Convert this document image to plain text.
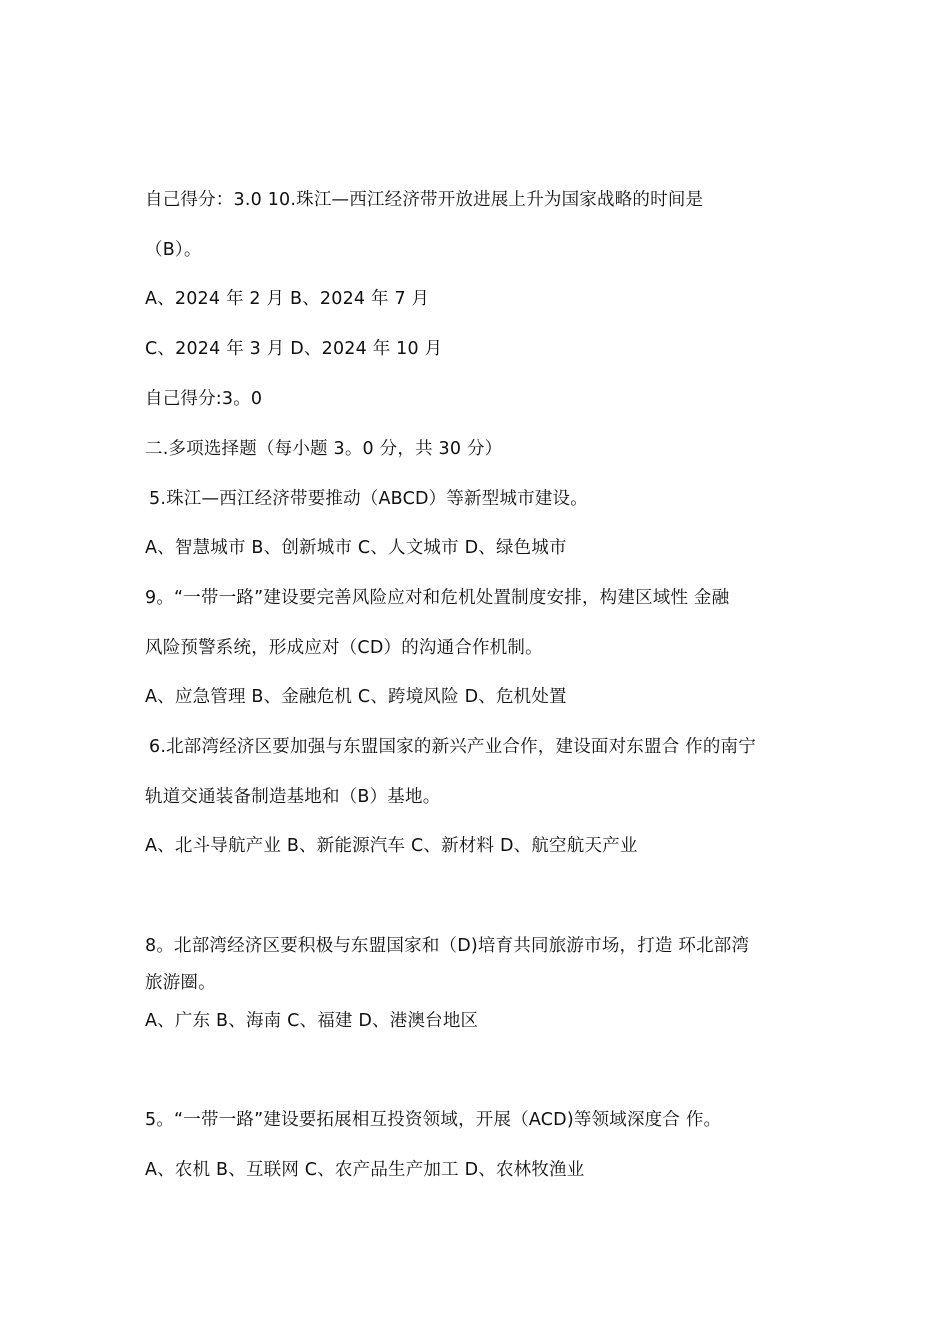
自己得分：3.0 10.珠江—西江经济带开放进展上升为国家战略的时间是
（B）。
A、2024 年 2 月 B、2024 年 7 月
C、2024 年 3 月 D、2024 年 10 月
自己得分:3。0
二.多项选择题（每小题 3。0 分，共 30 分）
5.珠江—西江经济带要推动（ABCD）等新型城市建设。
A、智慧城市 B、创新城市 C、人文城市 D、绿色城市
9。“一带一路”建设要完善风险应对和危机处置制度安排，构建区域性 金融
风险预警系统，形成应对（CD）的沟通合作机制。
A、应急管理 B、金融危机 C、跨境风险 D、危机处置
6.北部湾经济区要加强与东盟国家的新兴产业合作，建设面对东盟合 作的南宁
轨道交通装备制造基地和（B）基地。
A、北斗导航产业 B、新能源汽车 C、新材料 D、航空航天产业
8。北部湾经济区要积极与东盟国家和（D)培育共同旅游市场，打造 环北部湾
旅游圈。
A、广东 B、海南 C、福建 D、港澳台地区
5。“一带一路”建设要拓展相互投资领域，开展（ACD)等领域深度合 作。
A、农机 B、互联网 C、农产品生产加工 D、农林牧渔业
